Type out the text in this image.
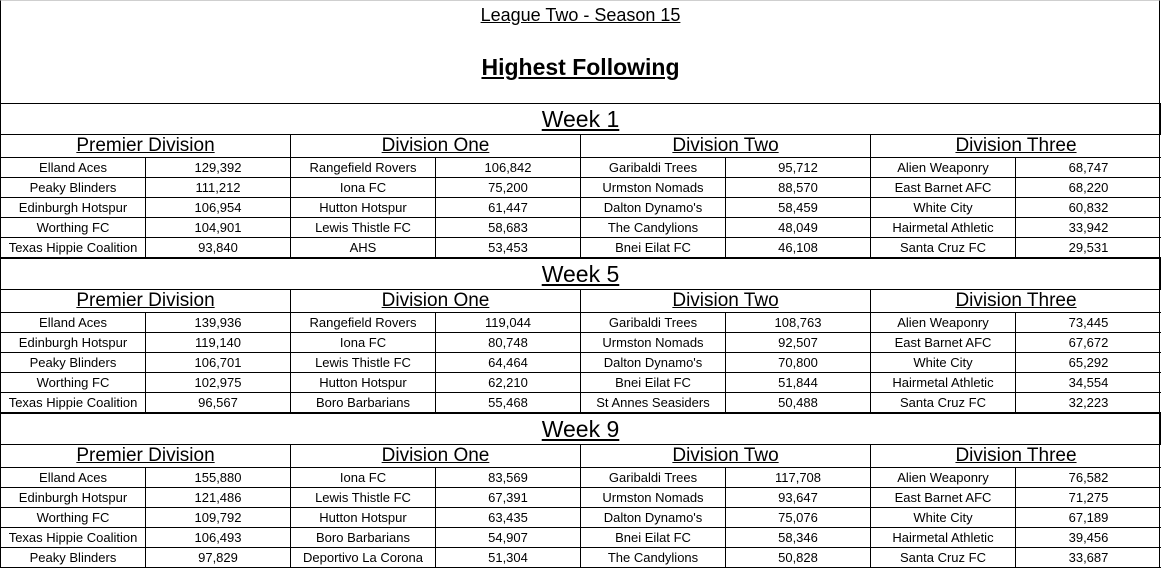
League Two - Season 15
Highest Following
Week 1
Premier Division		Division One		Division Two		Division Three	
Elland Aces	129,392	Rangefield Rovers	106,842	Garibaldi Trees	95,712	Alien Weaponry	68,747
Peaky Blinders	111,212	Iona FC	75,200	Urmston Nomads	88,570	East Barnet AFC	68,220
Edinburgh Hotspur	106,954	Hutton Hotspur	61,447	Dalton Dynamo's	58,459	White City	60,832
Worthing FC	104,901	Lewis Thistle FC	58,683	The Candylions	48,049	Hairmetal Athletic	33,942
Texas Hippie Coalition	93,840	AHS	53,453	Bnei Eilat FC	46,108	Santa Cruz FC	29,531
Week 5
Premier Division		Division One		Division Two		Division Three	
Elland Aces	139,936	Rangefield Rovers	119,044	Garibaldi Trees	108,763	Alien Weaponry	73,445
Edinburgh Hotspur	119,140	Iona FC	80,748	Urmston Nomads	92,507	East Barnet AFC	67,672
Peaky Blinders	106,701	Lewis Thistle FC	64,464	Dalton Dynamo's	70,800	White City	65,292
Worthing FC	102,975	Hutton Hotspur	62,210	Bnei Eilat FC	51,844	Hairmetal Athletic	34,554
Texas Hippie Coalition	96,567	Boro Barbarians	55,468	St Annes Seasiders	50,488	Santa Cruz FC	32,223
Week 9
Premier Division		Division One		Division Two		Division Three	
Elland Aces	155,880	Iona FC	83,569	Garibaldi Trees	117,708	Alien Weaponry	76,582
Edinburgh Hotspur	121,486	Lewis Thistle FC	67,391	Urmston Nomads	93,647	East Barnet AFC	71,275
Worthing FC	109,792	Hutton Hotspur	63,435	Dalton Dynamo's	75,076	White City	67,189
Texas Hippie Coalition	106,493	Boro Barbarians	54,907	Bnei Eilat FC	58,346	Hairmetal Athletic	39,456
Peaky Blinders	97,829	Deportivo La Corona	51,304	The Candylions	50,828	Santa Cruz FC	33,687
